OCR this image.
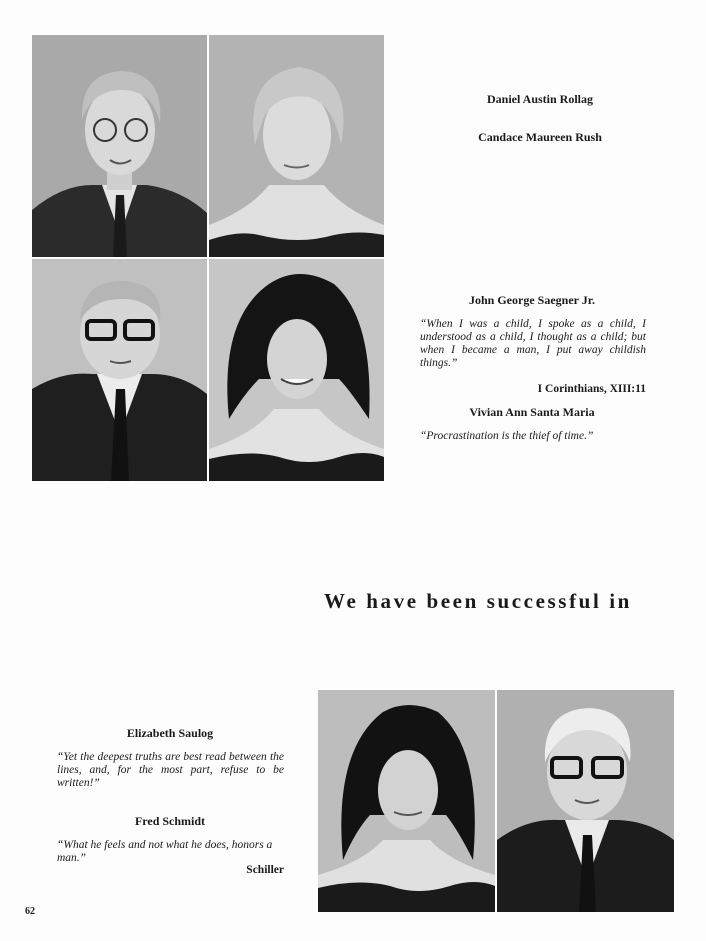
Daniel Austin Rollag
Candace Maureen Rush
John George Saegner Jr.
“When I was a child, I spoke as a child, I understood as a child, I thought as a child; but when I became a man, I put away childish things.”
I Corinthians, XIII:11
Vivian Ann Santa Maria
“Procrastination is the thief of time.”
We have been successful in
Elizabeth Saulog
“Yet the deepest truths are best read between the lines, and, for the most part, refuse to be written!”
Fred Schmidt
“What he feels and not what he does, honors a man.”
Schiller
62
